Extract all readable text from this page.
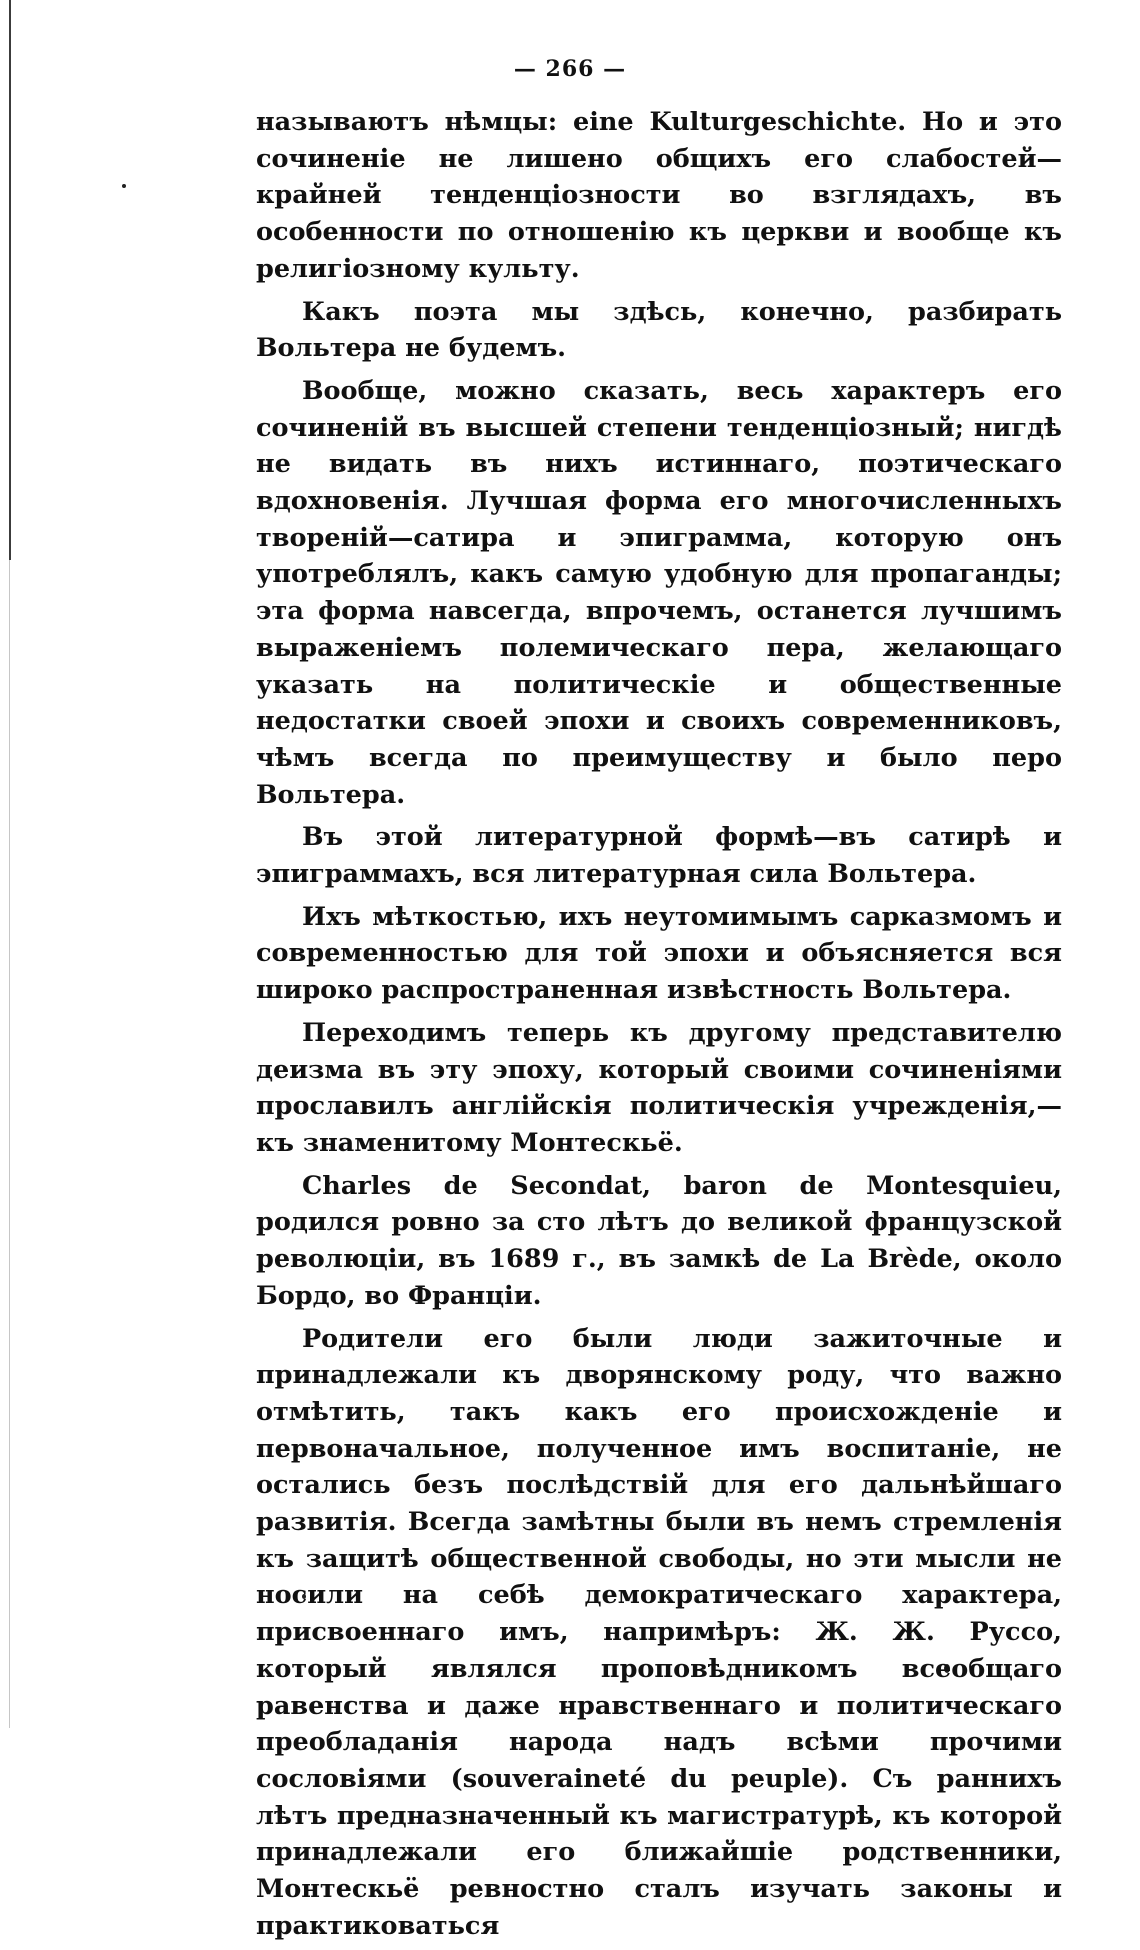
— 266 —

называютъ нѣмцы: eine Kulturgeschichte. Но и это сочиненіе не лишено общихъ его слабостей—крайней тенденціозности во взглядахъ, въ особенности по отношенію къ церкви и вообще къ религіозному культу.

Какъ поэта мы здѣсь, конечно, разбирать Вольтера не будемъ.

Вообще, можно сказать, весь характеръ его сочиненій въ высшей степени тенденціозный; нигдѣ не видать въ нихъ истиннаго, поэтическаго вдохновенія. Лучшая форма его многочисленныхъ твореній—сатира и эпиграмма, которую онъ употреблялъ, какъ самую удобную для пропаганды; эта форма навсегда, впрочемъ, останется лучшимъ выраженіемъ полемическаго пера, желающаго указать на политическіе и общественные недостатки своей эпохи и своихъ современниковъ, чѣмъ всегда по преимуществу и было перо Вольтера.

Въ этой литературной формѣ—въ сатирѣ и эпиграммахъ, вся литературная сила Вольтера.

Ихъ мѣткостью, ихъ неутомимымъ сарказмомъ и современностью для той эпохи и объясняется вся широко распространенная извѣстность Вольтера.

Переходимъ теперь къ другому представителю деизма въ эту эпоху, который своими сочиненіями прославилъ англійскія политическія учрежденія,—къ знаменитому Монтескьё.

Charles de Secondat, baron de Montesquieu, родился ровно за сто лѣтъ до великой французской революціи, въ 1689 г., въ замкѣ de La Brède, около Бордо, во Франціи.

Родители его были люди зажиточные и принадлежали къ дворянскому роду, что важно отмѣтить, такъ какъ его происхожденіе и первоначальное, полученное имъ воспитаніе, не остались безъ послѣдствій для его дальнѣйшаго развитія. Всегда замѣтны были въ немъ стремленія къ защитѣ общественной свободы, но эти мысли не носили на себѣ демократическаго характера, присвоеннаго имъ, напримѣръ: Ж. Ж. Руссо, который являлся проповѣдникомъ всеобщаго равенства и даже нравственнаго и политическаго преобладанія народа надъ всѣми прочими сословіями (souveraineté du peuple). Съ раннихъ лѣтъ предназначенный къ магистратурѣ, къ которой принадлежали его ближайшіе родственники, Монтескьё ревностно сталъ изучать законы и практиковаться
